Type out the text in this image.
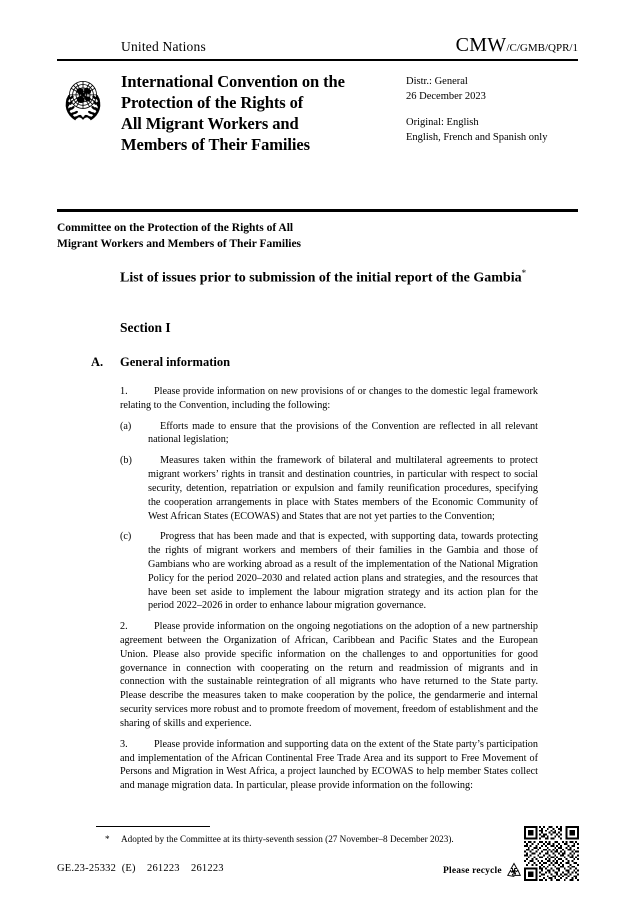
United Nations	CMW/C/GMB/QPR/1
International Convention on the
Protection of the Rights of
All Migrant Workers and
Members of Their Families
Distr.: General
26 December 2023
Original: English
English, French and Spanish only
Committee on the Protection of the Rights of All
Migrant Workers and Members of Their Families
List of issues prior to submission of the initial report of the Gambia*
Section I
A. General information

1.	Please provide information on new provisions of or changes to the domestic legal framework relating to the Convention, including the following:

(a)	Efforts made to ensure that the provisions of the Convention are reflected in all relevant national legislation;

(b)	Measures taken within the framework of bilateral and multilateral agreements to protect migrant workers’ rights in transit and destination countries, in particular with respect to social security, detention, repatriation or expulsion and family reunification procedures, specifying the cooperation arrangements in place with States members of the Economic Community of West African States (ECOWAS) and States that are not yet parties to the Convention;

(c)	Progress that has been made and that is expected, with supporting data, towards protecting the rights of migrant workers and members of their families in the Gambia and those of Gambians who are working abroad as a result of the implementation of the National Migration Policy for the period 2020–2030 and related action plans and strategies, and the resources that have been set aside to implement the labour migration strategy and its action plan for the period 2022–2026 in order to enhance labour migration governance.

2.	Please provide information on the ongoing negotiations on the adoption of a new partnership agreement between the Organization of African, Caribbean and Pacific States and the European Union. Please also provide specific information on the challenges to and opportunities for good governance in connection with cooperating on the return and readmission of migrants and in connection with the sustainable reintegration of all migrants who have returned to the State party. Please describe the measures taken to make cooperation by the police, the gendarmerie and internal security services more robust and to promote freedom of movement, freedom of establishment and the sharing of skills and experience.

3.	Please provide information and supporting data on the extent of the State party’s participation and implementation of the African Continental Free Trade Area and its support to Free Movement of Persons and Migration in West Africa, a project launched by ECOWAS to help member States collect and manage migration data. In particular, please provide information on the following:

* Adopted by the Committee at its thirty-seventh session (27 November–8 December 2023).
GE.23-25332  (E)    261223    261223	Please recycle
